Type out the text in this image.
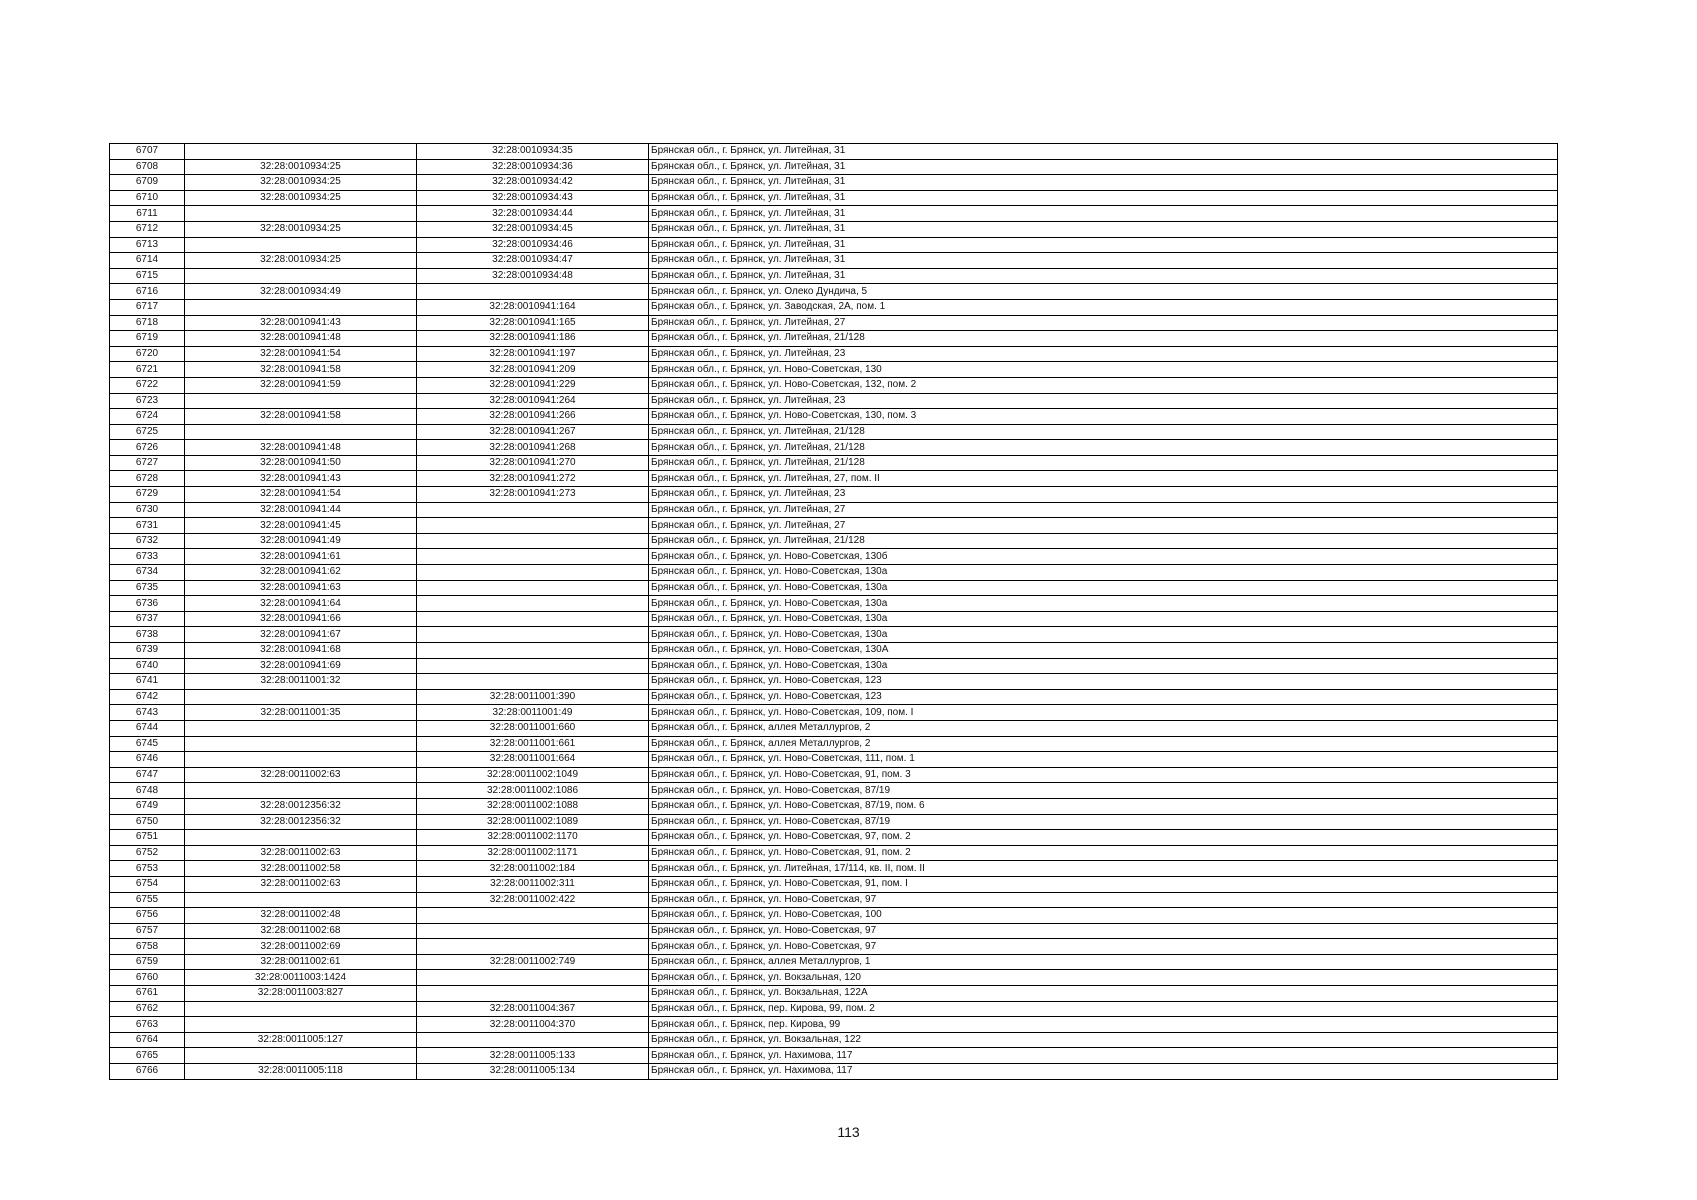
6707		32:28:0010934:35	Брянская обл., г. Брянск, ул. Литейная, 31
6708	32:28:0010934:25	32:28:0010934:36	Брянская обл., г. Брянск, ул. Литейная, 31
6709	32:28:0010934:25	32:28:0010934:42	Брянская обл., г. Брянск, ул. Литейная, 31
6710	32:28:0010934:25	32:28:0010934:43	Брянская обл., г. Брянск, ул. Литейная, 31
6711		32:28:0010934:44	Брянская обл., г. Брянск, ул. Литейная, 31
6712	32:28:0010934:25	32:28:0010934:45	Брянская обл., г. Брянск, ул. Литейная, 31
6713		32:28:0010934:46	Брянская обл., г. Брянск, ул. Литейная, 31
6714	32:28:0010934:25	32:28:0010934:47	Брянская обл., г. Брянск, ул. Литейная, 31
6715		32:28:0010934:48	Брянская обл., г. Брянск, ул. Литейная, 31
6716	32:28:0010934:49		Брянская обл., г. Брянск, ул. Олеко Дундича, 5
6717		32:28:0010941:164	Брянская обл., г. Брянск, ул. Заводская, 2А, пом. 1
6718	32:28:0010941:43	32:28:0010941:165	Брянская обл., г. Брянск, ул. Литейная, 27
6719	32:28:0010941:48	32:28:0010941:186	Брянская обл., г. Брянск, ул. Литейная, 21/128
6720	32:28:0010941:54	32:28:0010941:197	Брянская обл., г. Брянск, ул. Литейная, 23
6721	32:28:0010941:58	32:28:0010941:209	Брянская обл., г. Брянск, ул. Ново-Советская, 130
6722	32:28:0010941:59	32:28:0010941:229	Брянская обл., г. Брянск, ул. Ново-Советская, 132, пом. 2
6723		32:28:0010941:264	Брянская обл., г. Брянск, ул. Литейная, 23
6724	32:28:0010941:58	32:28:0010941:266	Брянская обл., г. Брянск, ул. Ново-Советская, 130, пом. 3
6725		32:28:0010941:267	Брянская обл., г. Брянск, ул. Литейная, 21/128
6726	32:28:0010941:48	32:28:0010941:268	Брянская обл., г. Брянск, ул. Литейная, 21/128
6727	32:28:0010941:50	32:28:0010941:270	Брянская обл., г. Брянск, ул. Литейная, 21/128
6728	32:28:0010941:43	32:28:0010941:272	Брянская обл., г. Брянск, ул. Литейная, 27, пом. II
6729	32:28:0010941:54	32:28:0010941:273	Брянская обл., г. Брянск, ул. Литейная, 23
6730	32:28:0010941:44		Брянская обл., г. Брянск, ул. Литейная, 27
6731	32:28:0010941:45		Брянская обл., г. Брянск, ул. Литейная, 27
6732	32:28:0010941:49		Брянская обл., г. Брянск, ул. Литейная, 21/128
6733	32:28:0010941:61		Брянская обл., г. Брянск, ул. Ново-Советская, 130б
6734	32:28:0010941:62		Брянская обл., г. Брянск, ул. Ново-Советская, 130а
6735	32:28:0010941:63		Брянская обл., г. Брянск, ул. Ново-Советская, 130а
6736	32:28:0010941:64		Брянская обл., г. Брянск, ул. Ново-Советская, 130а
6737	32:28:0010941:66		Брянская обл., г. Брянск, ул. Ново-Советская, 130а
6738	32:28:0010941:67		Брянская обл., г. Брянск, ул. Ново-Советская, 130а
6739	32:28:0010941:68		Брянская обл., г. Брянск, ул. Ново-Советская, 130А
6740	32:28:0010941:69		Брянская обл., г. Брянск, ул. Ново-Советская, 130а
6741	32:28:0011001:32		Брянская обл., г. Брянск, ул. Ново-Советская, 123
6742		32:28:0011001:390	Брянская обл., г. Брянск, ул. Ново-Советская, 123
6743	32:28:0011001:35	32:28:0011001:49	Брянская обл., г. Брянск, ул. Ново-Советская, 109, пом. I
6744		32:28:0011001:660	Брянская обл., г. Брянск, аллея Металлургов, 2
6745		32:28:0011001:661	Брянская обл., г. Брянск, аллея Металлургов, 2
6746		32:28:0011001:664	Брянская обл., г. Брянск, ул. Ново-Советская, 111, пом. 1
6747	32:28:0011002:63	32:28:0011002:1049	Брянская обл., г. Брянск, ул. Ново-Советская, 91, пом. 3
6748		32:28:0011002:1086	Брянская обл., г. Брянск, ул. Ново-Советская, 87/19
6749	32:28:0012356:32	32:28:0011002:1088	Брянская обл., г. Брянск, ул. Ново-Советская, 87/19, пом. 6
6750	32:28:0012356:32	32:28:0011002:1089	Брянская обл., г. Брянск, ул. Ново-Советская, 87/19
6751		32:28:0011002:1170	Брянская обл., г. Брянск, ул. Ново-Советская, 97, пом. 2
6752	32:28:0011002:63	32:28:0011002:1171	Брянская обл., г. Брянск, ул. Ново-Советская, 91, пом. 2
6753	32:28:0011002:58	32:28:0011002:184	Брянская обл., г. Брянск, ул. Литейная, 17/114, кв. II, пом. II
6754	32:28:0011002:63	32:28:0011002:311	Брянская обл., г. Брянск, ул. Ново-Советская, 91, пом. I
6755		32:28:0011002:422	Брянская обл., г. Брянск, ул. Ново-Советская, 97
6756	32:28:0011002:48		Брянская обл., г. Брянск, ул. Ново-Советская, 100
6757	32:28:0011002:68		Брянская обл., г. Брянск, ул. Ново-Советская, 97
6758	32:28:0011002:69		Брянская обл., г. Брянск, ул. Ново-Советская, 97
6759	32:28:0011002:61	32:28:0011002:749	Брянская обл., г. Брянск, аллея Металлургов, 1
6760	32:28:0011003:1424		Брянская обл., г. Брянск, ул. Вокзальная, 120
6761	32:28:0011003:827		Брянская обл., г. Брянск, ул. Вокзальная, 122А
6762		32:28:0011004:367	Брянская обл., г. Брянск, пер. Кирова, 99, пом. 2
6763		32:28:0011004:370	Брянская обл., г. Брянск, пер. Кирова, 99
6764	32:28:0011005:127		Брянская обл., г. Брянск, ул. Вокзальная, 122
6765		32:28:0011005:133	Брянская обл., г. Брянск, ул. Нахимова, 117
6766	32:28:0011005:118	32:28:0011005:134	Брянская обл., г. Брянск, ул. Нахимова, 117
113
